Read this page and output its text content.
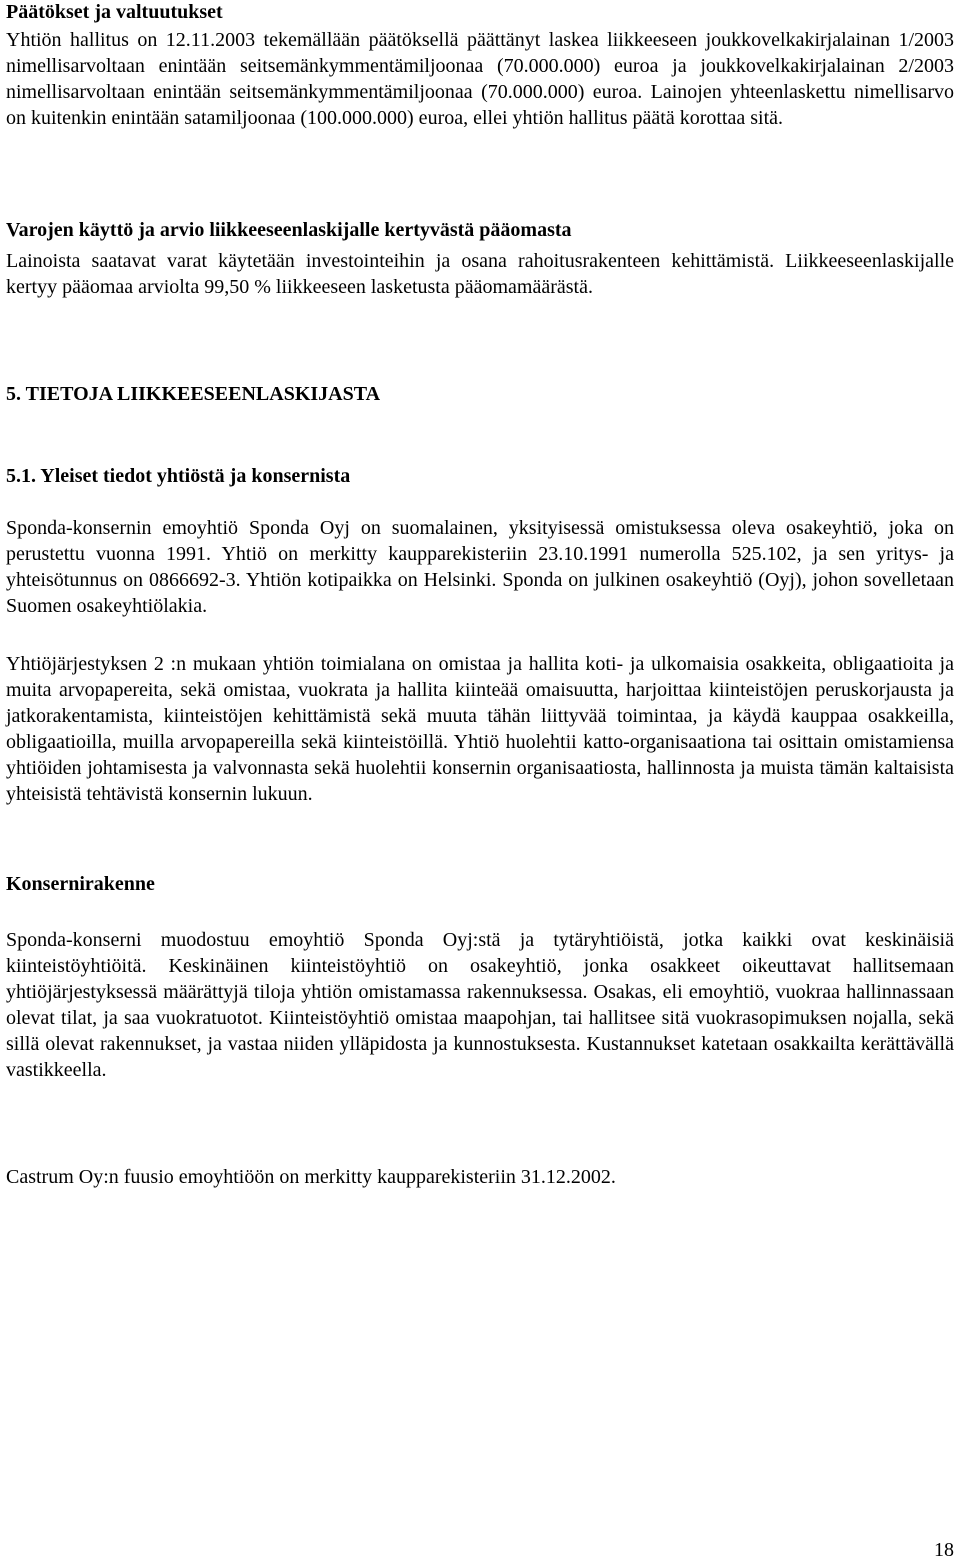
Päätökset ja valtuutukset

Yhtiön hallitus on 12.11.2003 tekemällään päätöksellä päättänyt laskea liikkeeseen joukkovelkakirjalainan 1/2003 nimellisarvoltaan enintään seitsemänkymmentämiljoonaa (70.000.000) euroa ja joukkovelkakirjalainan 2/2003 nimellisarvoltaan enintään seitsemänkymmentämiljoonaa (70.000.000) euroa. Lainojen yhteenlaskettu nimellisarvo on kuitenkin enintään satamiljoonaa (100.000.000) euroa, ellei yhtiön hallitus päätä korottaa sitä.

Varojen käyttö ja arvio liikkeeseenlaskijalle kertyvästä pääomasta

Lainoista saatavat varat käytetään investointeihin ja osana rahoitusrakenteen kehittämistä. Liikkeeseenlaskijalle kertyy pääomaa arviolta 99,50 % liikkeeseen lasketusta pääomamäärästä.

5. TIETOJA LIIKKEESEENLASKIJASTA

5.1. Yleiset tiedot yhtiöstä ja konsernista

Sponda-konsernin emoyhtiö Sponda Oyj on suomalainen, yksityisessä omistuksessa oleva osakeyhtiö, joka on perustettu vuonna 1991. Yhtiö on merkitty kaupparekisteriin 23.10.1991 numerolla 525.102, ja sen yritys- ja yhteisötunnus on 0866692-3. Yhtiön kotipaikka on Helsinki. Sponda on julkinen osakeyhtiö (Oyj), johon sovelletaan Suomen osakeyhtiölakia.

Yhtiöjärjestyksen 2 :n mukaan yhtiön toimialana on omistaa ja hallita koti- ja ulkomaisia osakkeita, obligaatioita ja muita arvopapereita, sekä omistaa, vuokrata ja hallita kiinteää omaisuutta, harjoittaa kiinteistöjen peruskorjausta ja jatkorakentamista, kiinteistöjen kehittämistä sekä muuta tähän liittyvää toimintaa, ja käydä kauppaa osakkeilla, obligaatioilla, muilla arvopapereilla sekä kiinteistöillä. Yhtiö huolehtii katto-organisaationa tai osittain omistamiensa yhtiöiden johtamisesta ja valvonnasta sekä huolehtii konsernin organisaatiosta, hallinnosta ja muista tämän kaltaisista yhteisistä tehtävistä konsernin lukuun.

Konsernirakenne

Sponda-konserni muodostuu emoyhtiö Sponda Oyj:stä ja tytäryhtiöistä, jotka kaikki ovat keskinäisiä kiinteistöyhtiöitä. Keskinäinen kiinteistöyhtiö on osakeyhtiö, jonka osakkeet oikeuttavat hallitsemaan yhtiöjärjestyksessä määrättyjä tiloja yhtiön omistamassa rakennuksessa. Osakas, eli emoyhtiö, vuokraa hallinnassaan olevat tilat, ja saa vuokratuotot. Kiinteistöyhtiö omistaa maapohjan, tai hallitsee sitä vuokrasopimuksen nojalla, sekä sillä olevat rakennukset, ja vastaa niiden ylläpidosta ja kunnostuksesta. Kustannukset katetaan osakkailta kerättävällä vastikkeella.

Castrum Oy:n fuusio emoyhtiöön on merkitty kaupparekisteriin 31.12.2002.

18
